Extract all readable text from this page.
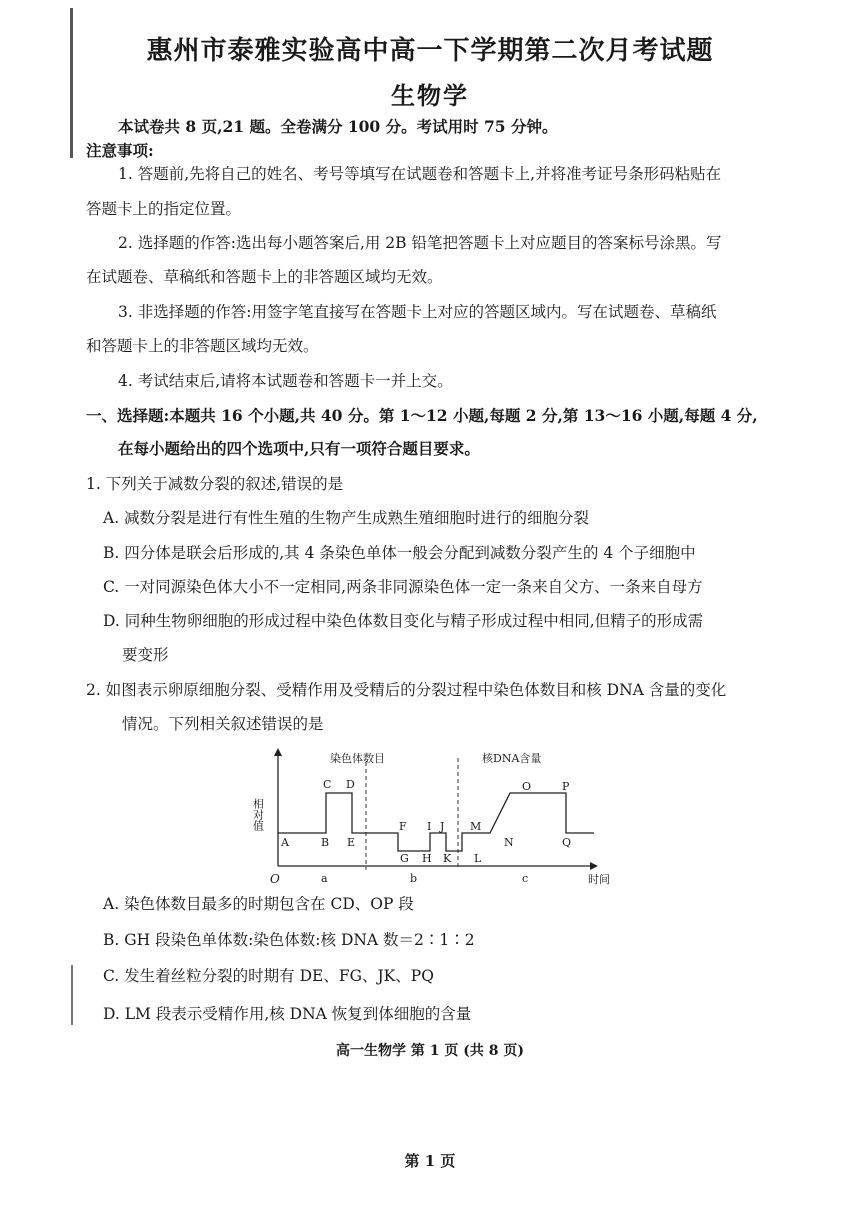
惠州市泰雅实验高中高一下学期第二次月考试题
生物学
本试卷共 8 页,21 题。全卷满分 100 分。考试用时 75 分钟。
注意事项:
1. 答题前,先将自己的姓名、考号等填写在试题卷和答题卡上,并将准考证号条形码粘贴在
答题卡上的指定位置。
2. 选择题的作答:选出每小题答案后,用 2B 铅笔把答题卡上对应题目的答案标号涂黑。写
在试题卷、草稿纸和答题卡上的非答题区域均无效。
3. 非选择题的作答:用签字笔直接写在答题卡上对应的答题区域内。写在试题卷、草稿纸
和答题卡上的非答题区域均无效。
4. 考试结束后,请将本试题卷和答题卡一并上交。
一、选择题:本题共 16 个小题,共 40 分。第 1～12 小题,每题 2 分,第 13～16 小题,每题 4 分,
在每小题给出的四个选项中,只有一项符合题目要求。
1. 下列关于减数分裂的叙述,错误的是
A. 减数分裂是进行有性生殖的生物产生成熟生殖细胞时进行的细胞分裂
B. 四分体是联会后形成的,其 4 条染色单体一般会分配到减数分裂产生的 4 个子细胞中
C. 一对同源染色体大小不一定相同,两条非同源染色体一定一条来自父方、一条来自母方
D. 同种生物卵细胞的形成过程中染色体数目变化与精子形成过程中相同,但精子的形成需
要变形
2. 如图表示卵原细胞分裂、受精作用及受精后的分裂过程中染色体数目和核 DNA 含量的变化
情况。下列相关叙述错误的是
相对值
染色体数目	核DNA含量
O	时间
a	b	c
A	B
C D
E
F
G H
I J
K L
M
N
O	P
Q
A. 染色体数目最多的时期包含在 CD、OP 段
B. GH 段染色单体数:染色体数:核 DNA 数＝2∶1∶2
C. 发生着丝粒分裂的时期有 DE、FG、JK、PQ
D. LM 段表示受精作用,核 DNA 恢复到体细胞的含量
高一生物学 第 1 页 (共 8 页)
第 1 页
